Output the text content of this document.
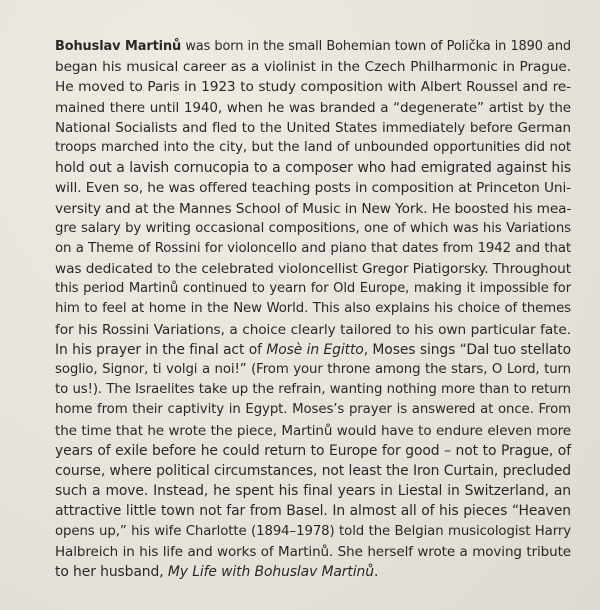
Bohuslav Martinů was born in the small Bohemian town of Polička in 1890 and
began his musical career as a violinist in the Czech Philharmonic in Prague.
He moved to Paris in 1923 to study composition with Albert Roussel and re-
mained there until 1940, when he was branded a “degenerate” artist by the
National Socialists and fled to the United States immediately before German
troops marched into the city, but the land of unbounded opportunities did not
hold out a lavish cornucopia to a composer who had emigrated against his
will. Even so, he was offered teaching posts in composition at Princeton Uni-
versity and at the Mannes School of Music in New York. He boosted his mea-
gre salary by writing occasional compositions, one of which was his Variations
on a Theme of Rossini for violoncello and piano that dates from 1942 and that
was dedicated to the celebrated violoncellist Gregor Piatigorsky. Throughout
this period Martinů continued to yearn for Old Europe, making it impossible for
him to feel at home in the New World. This also explains his choice of themes
for his Rossini Variations, a choice clearly tailored to his own particular fate.
In his prayer in the final act of Mosè in Egitto, Moses sings “Dal tuo stellato
soglio, Signor, ti volgi a noi!” (From your throne among the stars, O Lord, turn
to us!). The Israelites take up the refrain, wanting nothing more than to return
home from their captivity in Egypt. Moses’s prayer is answered at once. From
the time that he wrote the piece, Martinů would have to endure eleven more
years of exile before he could return to Europe for good – not to Prague, of
course, where political circumstances, not least the Iron Curtain, precluded
such a move. Instead, he spent his final years in Liestal in Switzerland, an
attractive little town not far from Basel. In almost all of his pieces “Heaven
opens up,” his wife Charlotte (1894–1978) told the Belgian musicologist Harry
Halbreich in his life and works of Martinů. She herself wrote a moving tribute
to her husband, My Life with Bohuslav Martinů.
